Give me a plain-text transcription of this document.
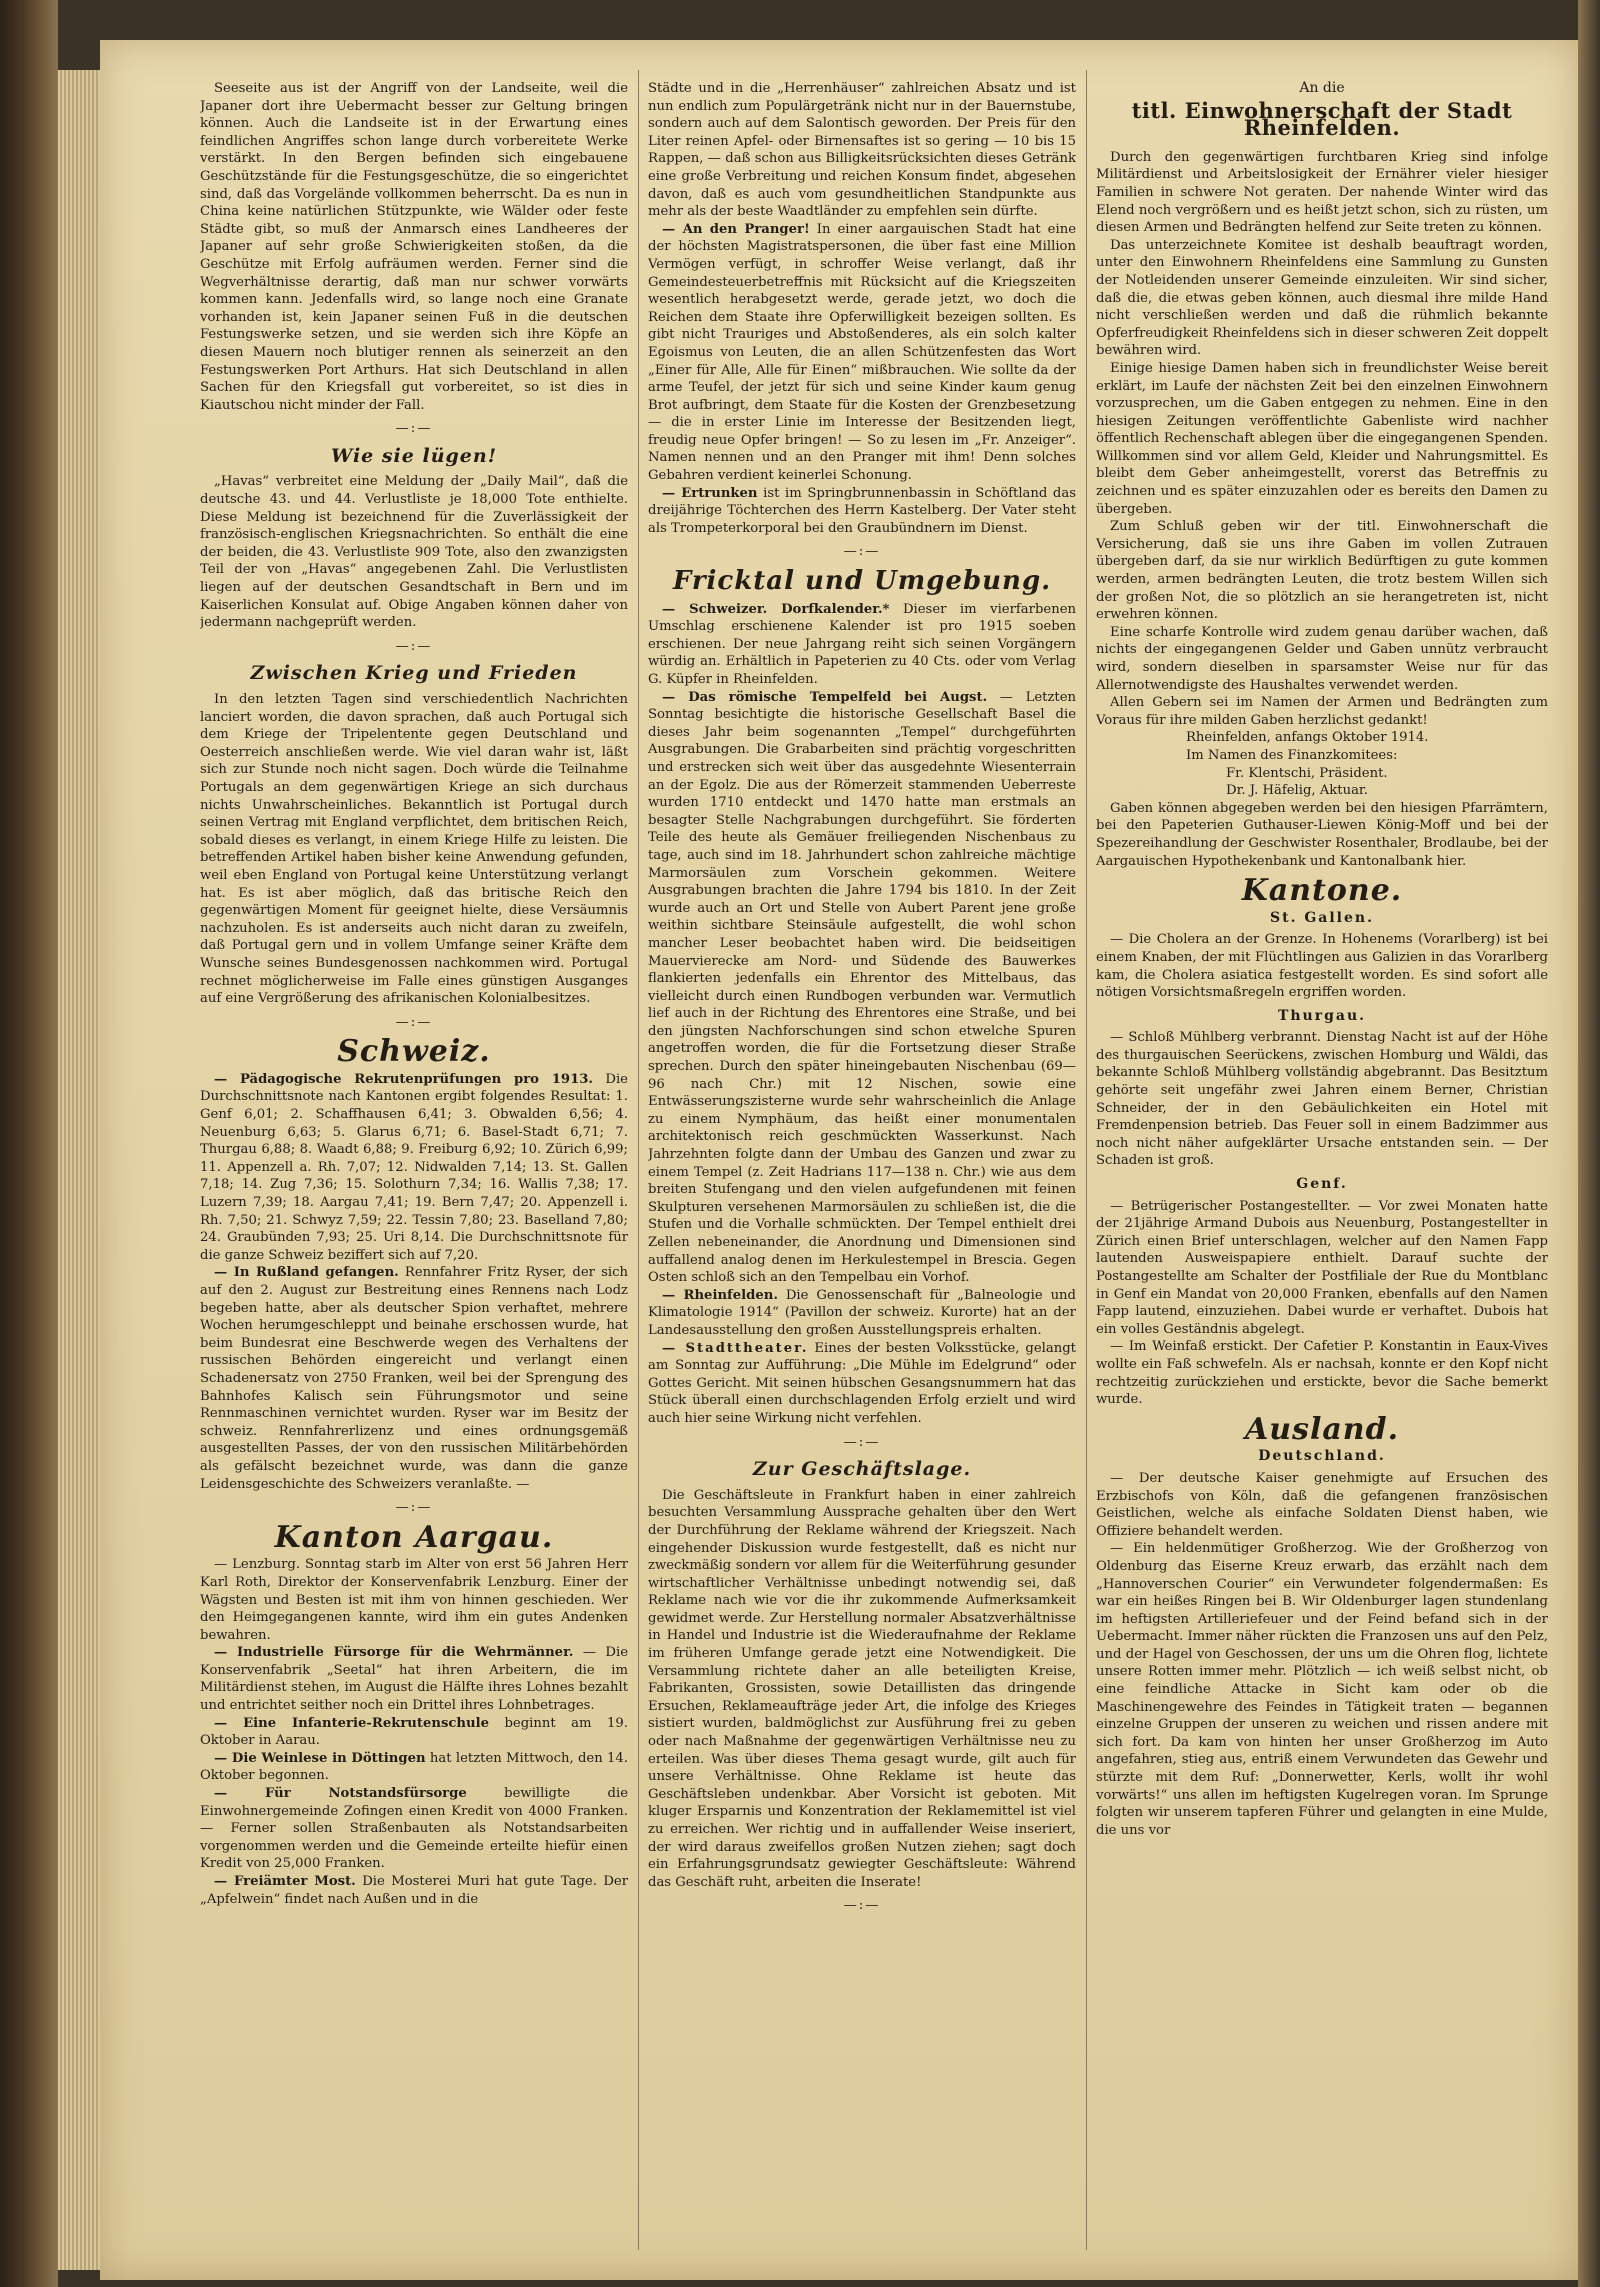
Seeseite aus ist der Angriff von der Landseite, weil die Japaner dort ihre Uebermacht besser zur Geltung bringen können. Auch die Landseite ist in der Erwartung eines feindlichen Angriffes schon lange durch vorbereitete Werke verstärkt. In den Bergen befinden sich eingebauene Geschützstände für die Festungsgeschütze, die so eingerichtet sind, daß das Vorgelände vollkommen beherrscht. Da es nun in China keine natürlichen Stützpunkte, wie Wälder oder feste Städte gibt, so muß der Anmarsch eines Landheeres der Japaner auf sehr große Schwierigkeiten stoßen, da die Geschütze mit Erfolg aufräumen werden. Ferner sind die Wegverhältnisse derartig, daß man nur schwer vorwärts kommen kann. Jedenfalls wird, so lange noch eine Granate vorhanden ist, kein Japaner seinen Fuß in die deutschen Festungswerke setzen, und sie werden sich ihre Köpfe an diesen Mauern noch blutiger rennen als seinerzeit an den Festungswerken Port Arthurs. Hat sich Deutschland in allen Sachen für den Kriegsfall gut vorbereitet, so ist dies in Kiautschou nicht minder der Fall.

—:—
Wie sie lügen!

„Havas“ verbreitet eine Meldung der „Daily Mail“, daß die deutsche 43. und 44. Verlustliste je 18,000 Tote enthielte. Diese Meldung ist bezeichnend für die Zuverlässigkeit der französisch-englischen Kriegsnachrichten. So enthält die eine der beiden, die 43. Verlustliste 909 Tote, also den zwanzigsten Teil der von „Havas“ angegebenen Zahl. Die Verlustlisten liegen auf der deutschen Gesandtschaft in Bern und im Kaiserlichen Konsulat auf. Obige Angaben können daher von jedermann nachgeprüft werden.

—:—
Zwischen Krieg und Frieden

In den letzten Tagen sind verschiedentlich Nachrichten lanciert worden, die davon sprachen, daß auch Portugal sich dem Kriege der Tripelentente gegen Deutschland und Oesterreich anschließen werde. Wie viel daran wahr ist, läßt sich zur Stunde noch nicht sagen. Doch würde die Teilnahme Portugals an dem gegenwärtigen Kriege an sich durchaus nichts Unwahrscheinliches. Bekanntlich ist Portugal durch seinen Vertrag mit England verpflichtet, dem britischen Reich, sobald dieses es verlangt, in einem Kriege Hilfe zu leisten. Die betreffenden Artikel haben bisher keine Anwendung gefunden, weil eben England von Portugal keine Unterstützung verlangt hat. Es ist aber möglich, daß das britische Reich den gegenwärtigen Moment für geeignet hielte, diese Versäumnis nachzuholen. Es ist anderseits auch nicht daran zu zweifeln, daß Portugal gern und in vollem Umfange seiner Kräfte dem Wunsche seines Bundesgenossen nachkommen wird. Portugal rechnet möglicherweise im Falle eines günstigen Ausganges auf eine Vergrößerung des afrikanischen Kolonialbesitzes.

—:—
Schweiz.

— Pädagogische Rekrutenprüfungen pro 1913. Die Durchschnittsnote nach Kantonen ergibt folgendes Resultat: 1. Genf 6,01; 2. Schaffhausen 6,41; 3. Obwalden 6,56; 4. Neuenburg 6,63; 5. Glarus 6,71; 6. Basel-Stadt 6,71; 7. Thurgau 6,88; 8. Waadt 6,88; 9. Freiburg 6,92; 10. Zürich 6,99; 11. Appenzell a. Rh. 7,07; 12. Nidwalden 7,14; 13. St. Gallen 7,18; 14. Zug 7,36; 15. Solothurn 7,34; 16. Wallis 7,38; 17. Luzern 7,39; 18. Aargau 7,41; 19. Bern 7,47; 20. Appenzell i. Rh. 7,50; 21. Schwyz 7,59; 22. Tessin 7,80; 23. Baselland 7,80; 24. Graubünden 7,93; 25. Uri 8,14. Die Durchschnittsnote für die ganze Schweiz beziffert sich auf 7,20.

— In Rußland gefangen. Rennfahrer Fritz Ryser, der sich auf den 2. August zur Bestreitung eines Rennens nach Lodz begeben hatte, aber als deutscher Spion verhaftet, mehrere Wochen herumgeschleppt und beinahe erschossen wurde, hat beim Bundesrat eine Beschwerde wegen des Verhaltens der russischen Behörden eingereicht und verlangt einen Schadenersatz von 2750 Franken, weil bei der Sprengung des Bahnhofes Kalisch sein Führungsmotor und seine Rennmaschinen vernichtet wurden. Ryser war im Besitz der schweiz. Rennfahrerlizenz und eines ordnungsgemäß ausgestellten Passes, der von den russischen Militärbehörden als gefälscht bezeichnet wurde, was dann die ganze Leidensgeschichte des Schweizers veranlaßte. —

—:—
Kanton Aargau.

— Lenzburg. Sonntag starb im Alter von erst 56 Jahren Herr Karl Roth, Direktor der Konservenfabrik Lenzburg. Einer der Wägsten und Besten ist mit ihm von hinnen geschieden. Wer den Heimgegangenen kannte, wird ihm ein gutes Andenken bewahren.

— Industrielle Fürsorge für die Wehrmänner. — Die Konservenfabrik „Seetal“ hat ihren Arbeitern, die im Militärdienst stehen, im August die Hälfte ihres Lohnes bezahlt und entrichtet seither noch ein Drittel ihres Lohnbetrages.

— Eine Infanterie-Rekrutenschule beginnt am 19. Oktober in Aarau.

— Die Weinlese in Döttingen hat letzten Mittwoch, den 14. Oktober begonnen.

— Für Notstandsfürsorge bewilligte die Einwohnergemeinde Zofingen einen Kredit von 4000 Franken. — Ferner sollen Straßenbauten als Notstandsarbeiten vorgenommen werden und die Gemeinde erteilte hiefür einen Kredit von 25,000 Franken.

— Freiämter Most. Die Mosterei Muri hat gute Tage. Der „Apfelwein“ findet nach Außen und in die

Städte und in die „Herrenhäuser“ zahlreichen Absatz und ist nun endlich zum Populärgetränk nicht nur in der Bauernstube, sondern auch auf dem Salontisch geworden. Der Preis für den Liter reinen Apfel- oder Birnensaftes ist so gering — 10 bis 15 Rappen, — daß schon aus Billigkeitsrücksichten dieses Getränk eine große Verbreitung und reichen Konsum findet, abgesehen davon, daß es auch vom gesundheitlichen Standpunkte aus mehr als der beste Waadtländer zu empfehlen sein dürfte.

— An den Pranger! In einer aargauischen Stadt hat eine der höchsten Magistratspersonen, die über fast eine Million Vermögen verfügt, in schroffer Weise verlangt, daß ihr Gemeindesteuerbetreffnis mit Rücksicht auf die Kriegszeiten wesentlich herabgesetzt werde, gerade jetzt, wo doch die Reichen dem Staate ihre Opferwilligkeit bezeigen sollten. Es gibt nicht Trauriges und Abstoßenderes, als ein solch kalter Egoismus von Leuten, die an allen Schützenfesten das Wort „Einer für Alle, Alle für Einen“ mißbrauchen. Wie sollte da der arme Teufel, der jetzt für sich und seine Kinder kaum genug Brot aufbringt, dem Staate für die Kosten der Grenzbesetzung — die in erster Linie im Interesse der Besitzenden liegt, freudig neue Opfer bringen! — So zu lesen im „Fr. Anzeiger“. Namen nennen und an den Pranger mit ihm! Denn solches Gebahren verdient keinerlei Schonung.

— Ertrunken ist im Springbrunnenbassin in Schöftland das dreijährige Töchterchen des Herrn Kastelberg. Der Vater steht als Trompeterkorporal bei den Graubündnern im Dienst.

—:—
Fricktal und Umgebung.

— Schweizer. Dorfkalender.* Dieser im vierfarbenen Umschlag erschienene Kalender ist pro 1915 soeben erschienen. Der neue Jahrgang reiht sich seinen Vorgängern würdig an. Erhältlich in Papeterien zu 40 Cts. oder vom Verlag G. Küpfer in Rheinfelden.

— Das römische Tempelfeld bei Augst. — Letzten Sonntag besichtigte die historische Gesellschaft Basel die dieses Jahr beim sogenannten „Tempel“ durchgeführten Ausgrabungen. Die Grabarbeiten sind prächtig vorgeschritten und erstrecken sich weit über das ausgedehnte Wiesenterrain an der Egolz. Die aus der Römerzeit stammenden Ueberreste wurden 1710 entdeckt und 1470 hatte man erstmals an besagter Stelle Nachgrabungen durchgeführt. Sie förderten Teile des heute als Gemäuer freiliegenden Nischenbaus zu tage, auch sind im 18. Jahrhundert schon zahlreiche mächtige Marmorsäulen zum Vorschein gekommen. Weitere Ausgrabungen brachten die Jahre 1794 bis 1810. In der Zeit wurde auch an Ort und Stelle von Aubert Parent jene große weithin sichtbare Steinsäule aufgestellt, die wohl schon mancher Leser beobachtet haben wird. Die beidseitigen Mauervierecke am Nord- und Südende des Bauwerkes flankierten jedenfalls ein Ehrentor des Mittelbaus, das vielleicht durch einen Rundbogen verbunden war. Vermutlich lief auch in der Richtung des Ehrentores eine Straße, und bei den jüngsten Nachforschungen sind schon etwelche Spuren angetroffen worden, die für die Fortsetzung dieser Straße sprechen. Durch den später hineingebauten Nischenbau (69—96 nach Chr.) mit 12 Nischen, sowie eine Entwässerungszisterne wurde sehr wahrscheinlich die Anlage zu einem Nymphäum, das heißt einer monumentalen architektonisch reich geschmückten Wasserkunst. Nach Jahrzehnten folgte dann der Umbau des Ganzen und zwar zu einem Tempel (z. Zeit Hadrians 117—138 n. Chr.) wie aus dem breiten Stufengang und den vielen aufgefundenen mit feinen Skulpturen versehenen Marmorsäulen zu schließen ist, die die Stufen und die Vorhalle schmückten. Der Tempel enthielt drei Zellen nebeneinander, die Anordnung und Dimensionen sind auffallend analog denen im Herkulestempel in Brescia. Gegen Osten schloß sich an den Tempelbau ein Vorhof.

— Rheinfelden. Die Genossenschaft für „Balneologie und Klimatologie 1914“ (Pavillon der schweiz. Kurorte) hat an der Landesausstellung den großen Ausstellungspreis erhalten.

— Stadttheater. Eines der besten Volksstücke, gelangt am Sonntag zur Aufführung: „Die Mühle im Edelgrund“ oder Gottes Gericht. Mit seinen hübschen Gesangsnummern hat das Stück überall einen durchschlagenden Erfolg erzielt und wird auch hier seine Wirkung nicht verfehlen.

—:—
Zur Geschäftslage.

Die Geschäftsleute in Frankfurt haben in einer zahlreich besuchten Versammlung Aussprache gehalten über den Wert der Durchführung der Reklame während der Kriegszeit. Nach eingehender Diskussion wurde festgestellt, daß es nicht nur zweckmäßig sondern vor allem für die Weiterführung gesunder wirtschaftlicher Verhältnisse unbedingt notwendig sei, daß Reklame nach wie vor die ihr zukommende Aufmerksamkeit gewidmet werde. Zur Herstellung normaler Absatzverhältnisse in Handel und Industrie ist die Wiederaufnahme der Reklame im früheren Umfange gerade jetzt eine Notwendigkeit. Die Versammlung richtete daher an alle beteiligten Kreise, Fabrikanten, Grossisten, sowie Detaillisten das dringende Ersuchen, Reklameaufträge jeder Art, die infolge des Krieges sistiert wurden, baldmöglichst zur Ausführung frei zu geben oder nach Maßnahme der gegenwärtigen Verhältnisse neu zu erteilen. Was über dieses Thema gesagt wurde, gilt auch für unsere Verhältnisse. Ohne Reklame ist heute das Geschäftsleben undenkbar. Aber Vorsicht ist geboten. Mit kluger Ersparnis und Konzentration der Reklamemittel ist viel zu erreichen. Wer richtig und in auffallender Weise inseriert, der wird daraus zweifellos großen Nutzen ziehen; sagt doch ein Erfahrungsgrundsatz gewiegter Geschäftsleute: Während das Geschäft ruht, arbeiten die Inserate!

—:—
An die
titl. Einwohnerschaft der Stadt Rheinfelden.

Durch den gegenwärtigen furchtbaren Krieg sind infolge Militärdienst und Arbeitslosigkeit der Ernährer vieler hiesiger Familien in schwere Not geraten. Der nahende Winter wird das Elend noch vergrößern und es heißt jetzt schon, sich zu rüsten, um diesen Armen und Bedrängten helfend zur Seite treten zu können.

Das unterzeichnete Komitee ist deshalb beauftragt worden, unter den Einwohnern Rheinfeldens eine Sammlung zu Gunsten der Notleidenden unserer Gemeinde einzuleiten. Wir sind sicher, daß die, die etwas geben können, auch diesmal ihre milde Hand nicht verschließen werden und daß die rühmlich bekannte Opferfreudigkeit Rheinfeldens sich in dieser schweren Zeit doppelt bewähren wird.

Einige hiesige Damen haben sich in freundlichster Weise bereit erklärt, im Laufe der nächsten Zeit bei den einzelnen Einwohnern vorzusprechen, um die Gaben entgegen zu nehmen. Eine in den hiesigen Zeitungen veröffentlichte Gabenliste wird nachher öffentlich Rechenschaft ablegen über die eingegangenen Spenden. Willkommen sind vor allem Geld, Kleider und Nahrungsmittel. Es bleibt dem Geber anheimgestellt, vorerst das Betreffnis zu zeichnen und es später einzuzahlen oder es bereits den Damen zu übergeben.

Zum Schluß geben wir der titl. Einwohnerschaft die Versicherung, daß sie uns ihre Gaben im vollen Zutrauen übergeben darf, da sie nur wirklich Bedürftigen zu gute kommen werden, armen bedrängten Leuten, die trotz bestem Willen sich der großen Not, die so plötzlich an sie herangetreten ist, nicht erwehren können.

Eine scharfe Kontrolle wird zudem genau darüber wachen, daß nichts der eingegangenen Gelder und Gaben unnütz verbraucht wird, sondern dieselben in sparsamster Weise nur für das Allernotwendigste des Haushaltes verwendet werden.

Allen Gebern sei im Namen der Armen und Bedrängten zum Voraus für ihre milden Gaben herzlichst gedankt!

Rheinfelden, anfangs Oktober 1914.

Im Namen des Finanzkomitees:

Fr. Klentschi, Präsident.

Dr. J. Häfelig, Aktuar.

Gaben können abgegeben werden bei den hiesigen Pfarrämtern, bei den Papeterien Guthauser-Liewen König-Moff und bei der Spezereihandlung der Geschwister Rosenthaler, Brodlaube, bei der Aargauischen Hypothekenbank und Kantonalbank hier.

Kantone.
St. Gallen.

— Die Cholera an der Grenze. In Hohenems (Vorarlberg) ist bei einem Knaben, der mit Flüchtlingen aus Galizien in das Vorarlberg kam, die Cholera asiatica festgestellt worden. Es sind sofort alle nötigen Vorsichtsmaßregeln ergriffen worden.

Thurgau.

— Schloß Mühlberg verbrannt. Dienstag Nacht ist auf der Höhe des thurgauischen Seerückens, zwischen Homburg und Wäldi, das bekannte Schloß Mühlberg vollständig abgebrannt. Das Besitztum gehörte seit ungefähr zwei Jahren einem Berner, Christian Schneider, der in den Gebäulichkeiten ein Hotel mit Fremdenpension betrieb. Das Feuer soll in einem Badzimmer aus noch nicht näher aufgeklärter Ursache entstanden sein. — Der Schaden ist groß.

Genf.

— Betrügerischer Postangestellter. — Vor zwei Monaten hatte der 21jährige Armand Dubois aus Neuenburg, Postangestellter in Zürich einen Brief unterschlagen, welcher auf den Namen Fapp lautenden Ausweispapiere enthielt. Darauf suchte der Postangestellte am Schalter der Postfiliale der Rue du Montblanc in Genf ein Mandat von 20,000 Franken, ebenfalls auf den Namen Fapp lautend, einzuziehen. Dabei wurde er verhaftet. Dubois hat ein volles Geständnis abgelegt.

— Im Weinfaß erstickt. Der Cafetier P. Konstantin in Eaux-Vives wollte ein Faß schwefeln. Als er nachsah, konnte er den Kopf nicht rechtzeitig zurückziehen und erstickte, bevor die Sache bemerkt wurde.

Ausland.
Deutschland.

— Der deutsche Kaiser genehmigte auf Ersuchen des Erzbischofs von Köln, daß die gefangenen französischen Geistlichen, welche als einfache Soldaten Dienst haben, wie Offiziere behandelt werden.

— Ein heldenmütiger Großherzog. Wie der Großherzog von Oldenburg das Eiserne Kreuz erwarb, das erzählt nach dem „Hannoverschen Courier“ ein Verwundeter folgendermaßen: Es war ein heißes Ringen bei B. Wir Oldenburger lagen stundenlang im heftigsten Artilleriefeuer und der Feind befand sich in der Uebermacht. Immer näher rückten die Franzosen uns auf den Pelz, und der Hagel von Geschossen, der uns um die Ohren flog, lichtete unsere Rotten immer mehr. Plötzlich — ich weiß selbst nicht, ob eine feindliche Attacke in Sicht kam oder ob die Maschinengewehre des Feindes in Tätigkeit traten — begannen einzelne Gruppen der unseren zu weichen und rissen andere mit sich fort. Da kam von hinten her unser Großherzog im Auto angefahren, stieg aus, entriß einem Verwundeten das Gewehr und stürzte mit dem Ruf: „Donnerwetter, Kerls, wollt ihr wohl vorwärts!“ uns allen im heftigsten Kugelregen voran. Im Sprunge folgten wir unserem tapferen Führer und gelangten in eine Mulde, die uns vor
